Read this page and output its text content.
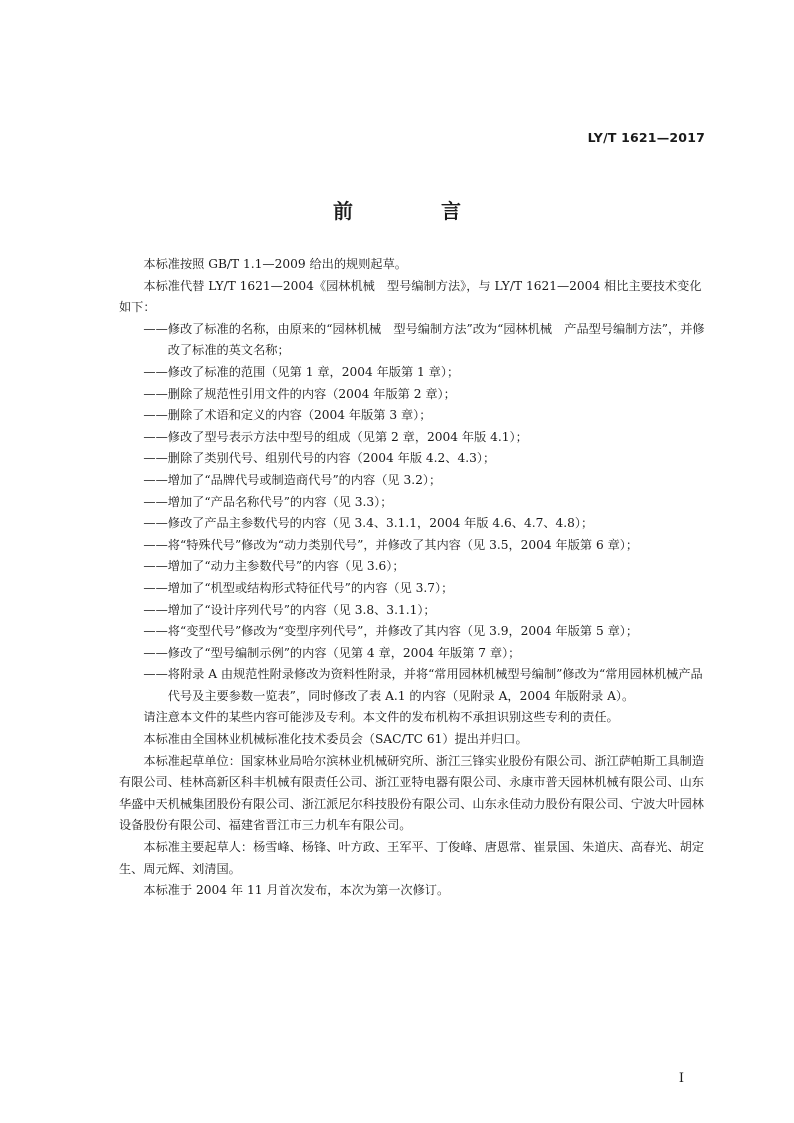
LY/T 1621—2017
前　言

本标准按照 GB/T 1.1—2009 给出的规则起草。

本标准代替 LY/T 1621—2004《园林机械　型号编制方法》，与 LY/T 1621—2004 相比主要技术变化如下：

——修改了标准的名称，由原来的“园林机械　型号编制方法”改为“园林机械　产品型号编制方法”，并修改了标准的英文名称；

——修改了标准的范围（见第 1 章，2004 年版第 1 章）；

——删除了规范性引用文件的内容（2004 年版第 2 章）；

——删除了术语和定义的内容（2004 年版第 3 章）；

——修改了型号表示方法中型号的组成（见第 2 章，2004 年版 4.1）；

——删除了类别代号、组别代号的内容（2004 年版 4.2、4.3）；

——增加了“品牌代号或制造商代号”的内容（见 3.2）；

——增加了“产品名称代号”的内容（见 3.3）；

——修改了产品主参数代号的内容（见 3.4、3.1.1，2004 年版 4.6、4.7、4.8）；

——将“特殊代号”修改为“动力类别代号”，并修改了其内容（见 3.5，2004 年版第 6 章）；

——增加了“动力主参数代号”的内容（见 3.6）；

——增加了“机型或结构形式特征代号”的内容（见 3.7）；

——增加了“设计序列代号”的内容（见 3.8、3.1.1）；

——将“变型代号”修改为“变型序列代号”，并修改了其内容（见 3.9，2004 年版第 5 章）；

——修改了“型号编制示例”的内容（见第 4 章，2004 年版第 7 章）；

——将附录 A 由规范性附录修改为资料性附录，并将“常用园林机械型号编制”修改为“常用园林机械产品代号及主要参数一览表”，同时修改了表 A.1 的内容（见附录 A，2004 年版附录 A）。

请注意本文件的某些内容可能涉及专利。本文件的发布机构不承担识别这些专利的责任。

本标准由全国林业机械标准化技术委员会（SAC/TC 61）提出并归口。

本标准起草单位：国家林业局哈尔滨林业机械研究所、浙江三锋实业股份有限公司、浙江萨帕斯工具制造有限公司、桂林高新区科丰机械有限责任公司、浙江亚特电器有限公司、永康市普天园林机械有限公司、山东华盛中天机械集团股份有限公司、浙江派尼尔科技股份有限公司、山东永佳动力股份有限公司、宁波大叶园林设备股份有限公司、福建省晋江市三力机车有限公司。

本标准主要起草人：杨雪峰、杨锋、叶方政、王军平、丁俊峰、唐恩常、崔景国、朱道庆、高春光、胡定生、周元辉、刘清国。

本标准于 2004 年 11 月首次发布，本次为第一次修订。

I
